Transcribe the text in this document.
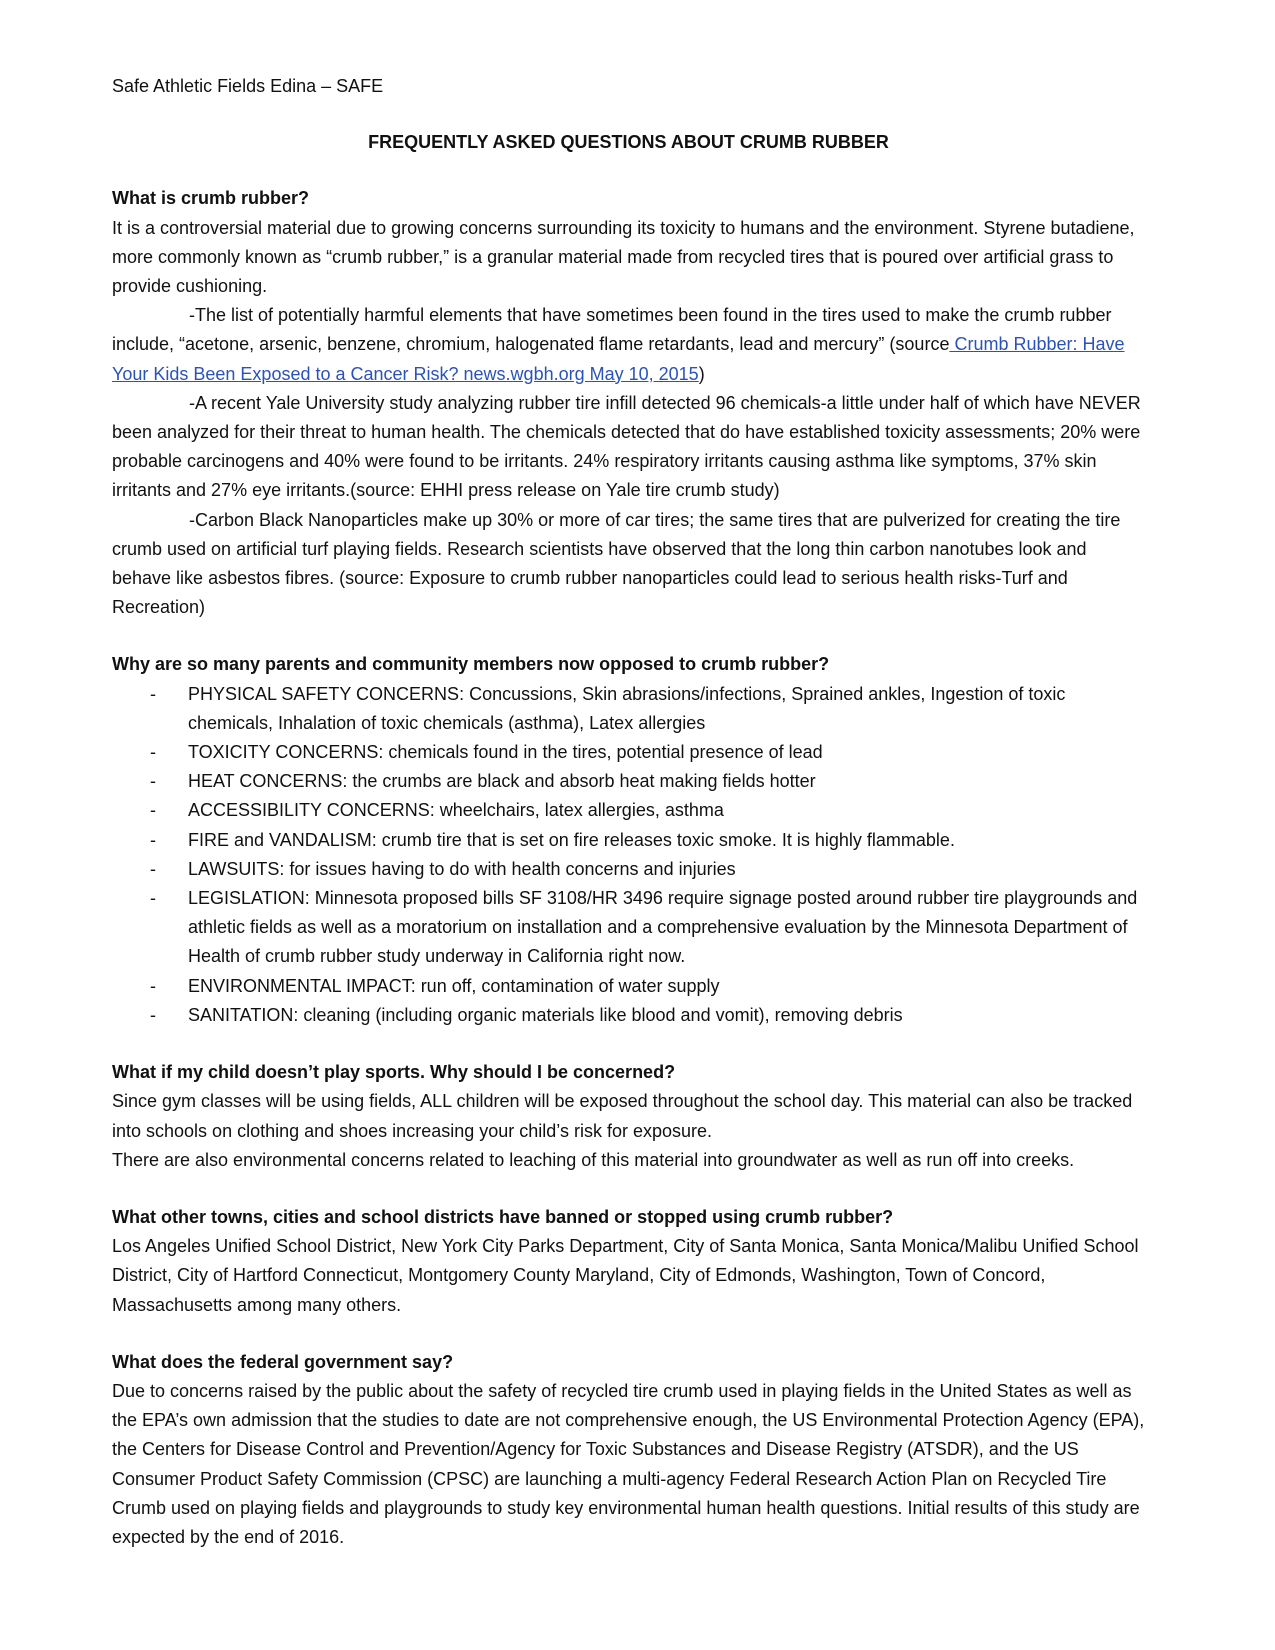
Safe Athletic Fields Edina – SAFE

FREQUENTLY ASKED QUESTIONS ABOUT CRUMB RUBBER

What is crumb rubber?

It is a controversial material due to growing concerns surrounding its toxicity to humans and the environment. Styrene butadiene, more commonly known as “crumb rubber,” is a granular material made from recycled tires that is poured over artificial grass to provide cushioning.

-The list of potentially harmful elements that have sometimes been found in the tires used to make the crumb rubber include, “acetone, arsenic, benzene, chromium, halogenated flame retardants, lead and mercury” (source Crumb Rubber: Have Your Kids Been Exposed to a Cancer Risk? news.wgbh.org May 10, 2015)

-A recent Yale University study analyzing rubber tire infill detected 96 chemicals-a little under half of which have NEVER been analyzed for their threat to human health. The chemicals detected that do have established toxicity assessments; 20% were probable carcinogens and 40% were found to be irritants. 24% respiratory irritants causing asthma like symptoms, 37% skin irritants and 27% eye irritants.(source: EHHI press release on Yale tire crumb study)

-Carbon Black Nanoparticles make up 30% or more of car tires; the same tires that are pulverized for creating the tire crumb used on artificial turf playing fields. Research scientists have observed that the long thin carbon nanotubes look and behave like asbestos fibres. (source: Exposure to crumb rubber nanoparticles could lead to serious health risks-Turf and Recreation)

Why are so many parents and community members now opposed to crumb rubber?

- PHYSICAL SAFETY CONCERNS: Concussions, Skin abrasions/infections, Sprained ankles, Ingestion of toxic chemicals, Inhalation of toxic chemicals (asthma), Latex allergies
- TOXICITY CONCERNS: chemicals found in the tires, potential presence of lead
- HEAT CONCERNS: the crumbs are black and absorb heat making fields hotter
- ACCESSIBILITY CONCERNS: wheelchairs, latex allergies, asthma
- FIRE and VANDALISM: crumb tire that is set on fire releases toxic smoke. It is highly flammable.
- LAWSUITS: for issues having to do with health concerns and injuries
- LEGISLATION: Minnesota proposed bills SF 3108/HR 3496 require signage posted around rubber tire playgrounds and athletic fields as well as a moratorium on installation and a comprehensive evaluation by the Minnesota Department of Health of crumb rubber study underway in California right now.
- ENVIRONMENTAL IMPACT: run off, contamination of water supply
- SANITATION: cleaning (including organic materials like blood and vomit), removing debris

What if my child doesn’t play sports. Why should I be concerned?

Since gym classes will be using fields, ALL children will be exposed throughout the school day. This material can also be tracked into schools on clothing and shoes increasing your child’s risk for exposure.

There are also environmental concerns related to leaching of this material into groundwater as well as run off into creeks.

What other towns, cities and school districts have banned or stopped using crumb rubber?

Los Angeles Unified School District, New York City Parks Department, City of Santa Monica, Santa Monica/Malibu Unified School District, City of Hartford Connecticut, Montgomery County Maryland, City of Edmonds, Washington, Town of Concord, Massachusetts among many others.

What does the federal government say?

Due to concerns raised by the public about the safety of recycled tire crumb used in playing fields in the United States as well as the EPA’s own admission that the studies to date are not comprehensive enough, the US Environmental Protection Agency (EPA), the Centers for Disease Control and Prevention/Agency for Toxic Substances and Disease Registry (ATSDR), and the US Consumer Product Safety Commission (CPSC) are launching a multi-agency Federal Research Action Plan on Recycled Tire Crumb used on playing fields and playgrounds to study key environmental human health questions. Initial results of this study are expected by the end of 2016.
